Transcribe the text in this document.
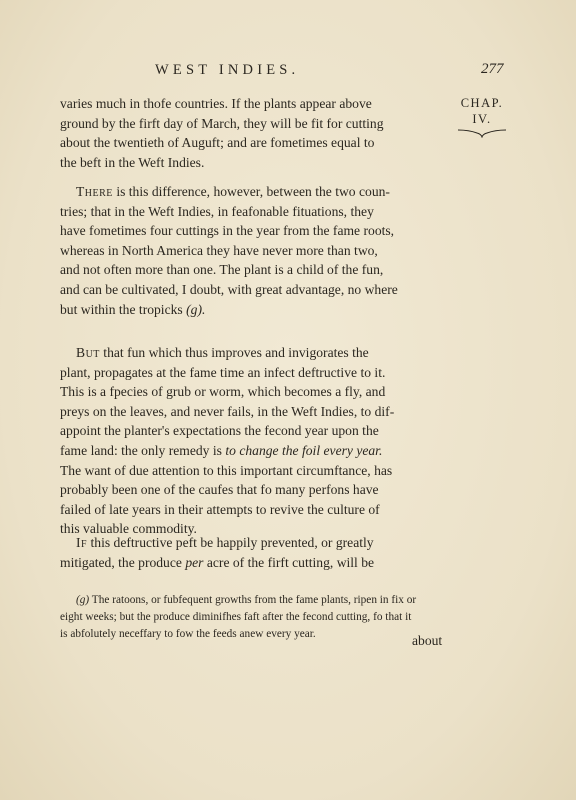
WEST INDIES.	277
CHAP.
IV.
varies much in thofe countries. If the plants appear above
ground by the firft day of March, they will be fit for cutting
about the twentieth of Auguft; and are fometimes equal to
the beft in the Weft Indies.
There is this difference, however, between the two coun-
tries; that in the Weft Indies, in feafonable fituations, they
have fometimes four cuttings in the year from the fame roots,
whereas in North America they have never more than two,
and not often more than one. The plant is a child of the fun,
and can be cultivated, I doubt, with great advantage, no where
but within the tropicks (g).
But that fun which thus improves and invigorates the
plant, propagates at the fame time an infect deftructive to it.
This is a fpecies of grub or worm, which becomes a fly, and
preys on the leaves, and never fails, in the Weft Indies, to dif-
appoint the planter's expectations the fecond year upon the
fame land: the only remedy is to change the foil every year.
The want of due attention to this important circumftance, has
probably been one of the caufes that fo many perfons have
failed of late years in their attempts to revive the culture of
this valuable commodity.
If this deftructive peft be happily prevented, or greatly
mitigated, the produce per acre of the firft cutting, will be
(g) The ratoons, or fubfequent growths from the fame plants, ripen in fix or
eight weeks; but the produce diminifhes faft after the fecond cutting, fo that it
is abfolutely neceffary to fow the feeds anew every year.	about
